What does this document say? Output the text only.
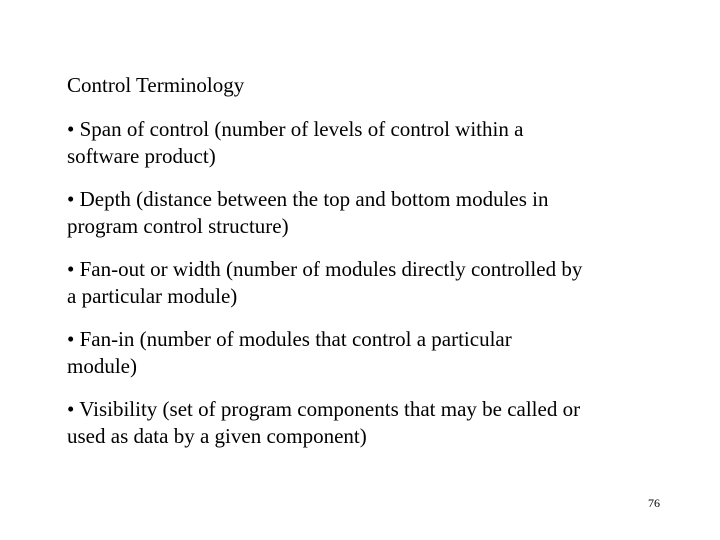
Control Terminology
• Span of control (number of levels of control within a
software product)
• Depth (distance between the top and bottom modules in
program control structure)
• Fan-out or width (number of modules directly controlled by
a particular module)
• Fan-in (number of modules that control a particular
module)
• Visibility (set of program components that may be called or
used as data by a given component)
76
